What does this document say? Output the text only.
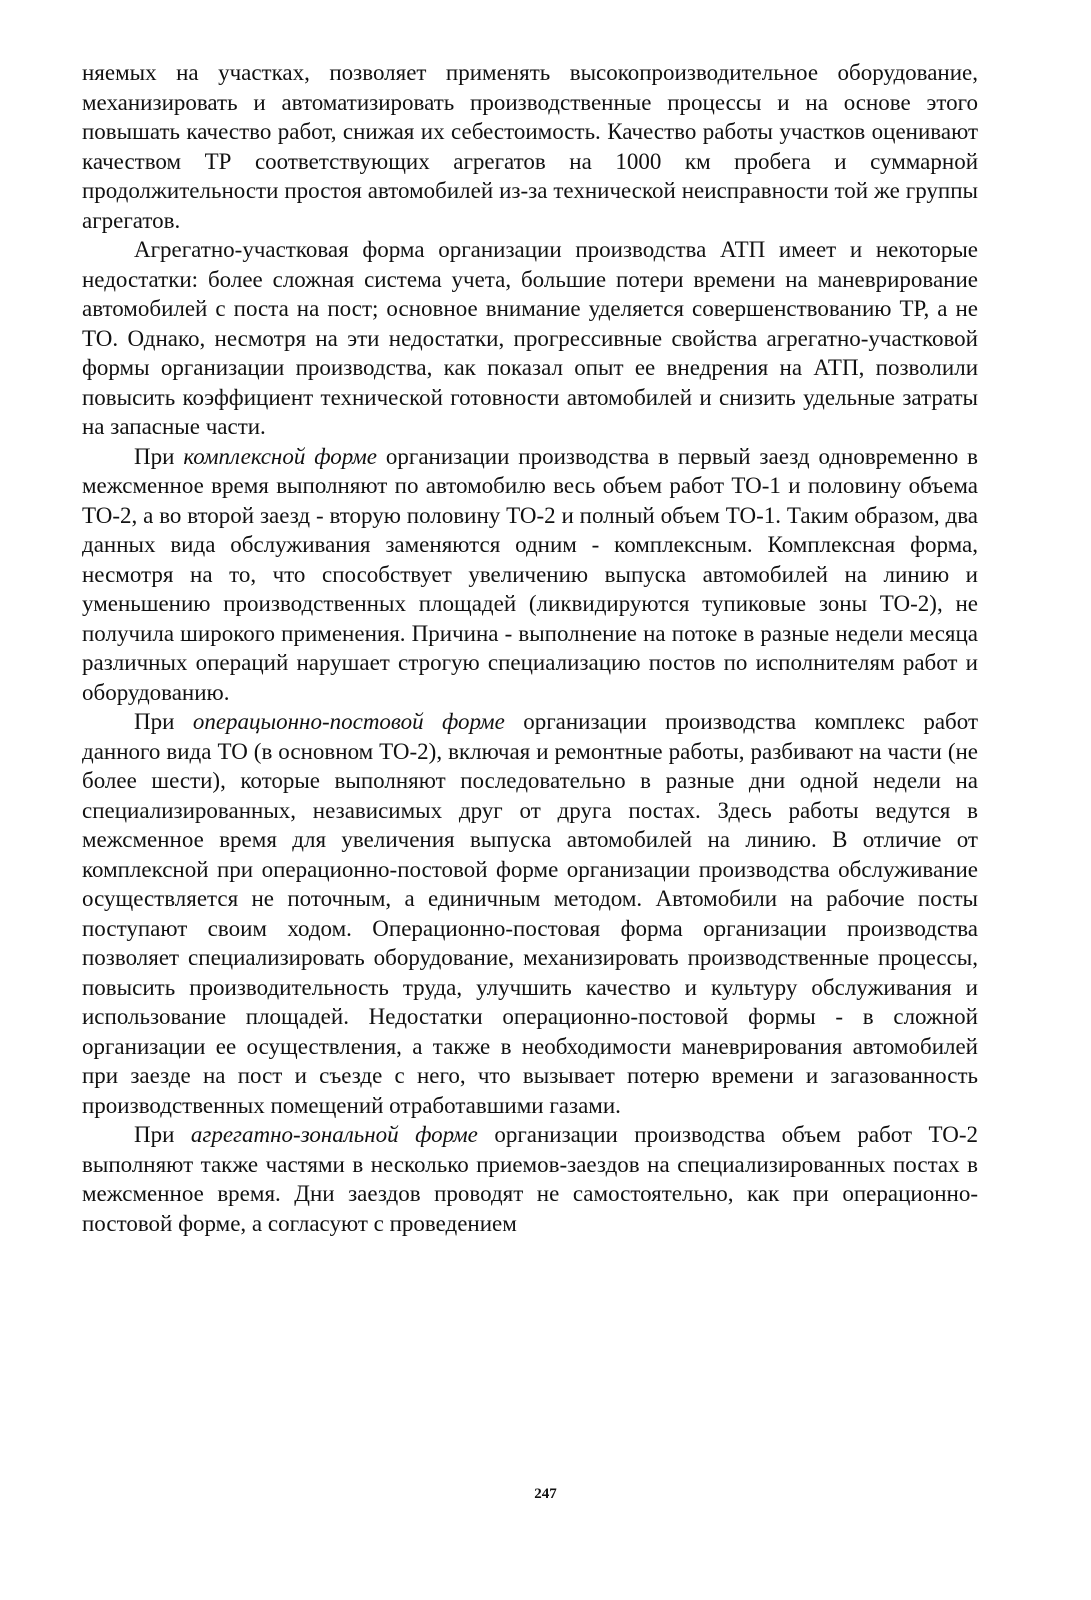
няемых на участках, позволяет применять высокопроизводительное оборудование, механизировать и автоматизировать производственные процессы и на основе этого повышать качество работ, снижая их себестоимость. Качество работы участков оценивают качеством ТР соответствующих агрегатов на 1000 км пробега и суммарной продолжительности простоя автомобилей из-за технической неисправности той же группы агрегатов.

Агрегатно-участковая форма организации производства АТП имеет и некоторые недостатки: более сложная система учета, большие потери времени на маневрирование автомобилей с поста на пост; основное внимание уделяется совершенствованию ТР, а не ТО. Однако, несмотря на эти недостатки, прогрессивные свойства агрегатно-участковой формы организации производства, как показал опыт ее внедрения на АТП, позволили повысить коэффициент технической готовности автомобилей и снизить удельные затраты на запасные части.

При комплексной форме организации производства в первый заезд одновременно в межсменное время выполняют по автомобилю весь объем работ ТО-1 и половину объема ТО-2, а во второй заезд - вторую половину ТО-2 и полный объем ТО-1. Таким образом, два данных вида обслуживания заменяются одним - комплексным. Комплексная форма, несмотря на то, что способствует увеличению выпуска автомобилей на линию и уменьшению производственных площадей (ликвидируются тупиковые зоны ТО-2), не получила широкого применения. Причина - выполнение на потоке в разные недели месяца различных операций нарушает строгую специализацию постов по исполнителям работ и оборудованию.

При операцыонно-постовой форме организации производства комплекс работ данного вида ТО (в основном ТО-2), включая и ремонтные работы, разбивают на части (не более шести), которые выполняют последовательно в разные дни одной недели на специализированных, независимых друг от друга постах. Здесь работы ведутся в межсменное время для увеличения выпуска автомобилей на линию. В отличие от комплексной при операционно-постовой форме организации производства обслуживание осуществляется не поточным, а единичным методом. Автомобили на рабочие посты поступают своим ходом. Операционно-постовая форма организации производства позволяет специализировать оборудование, механизировать производственные процессы, повысить производительность труда, улучшить качество и культуру обслуживания и использование площадей. Недостатки операционно-постовой формы - в сложной организации ее осуществления, а также в необходимости маневрирования автомобилей при заезде на пост и съезде с него, что вызывает потерю времени и загазованность производственных помещений отработавшими газами.

При агрегатно-зональной форме организации производства объем работ ТО-2 выполняют также частями в несколько приемов-заездов на специализированных постах в межсменное время. Дни заездов проводят не самостоятельно, как при операционно-постовой форме, а согласуют с проведением

247
